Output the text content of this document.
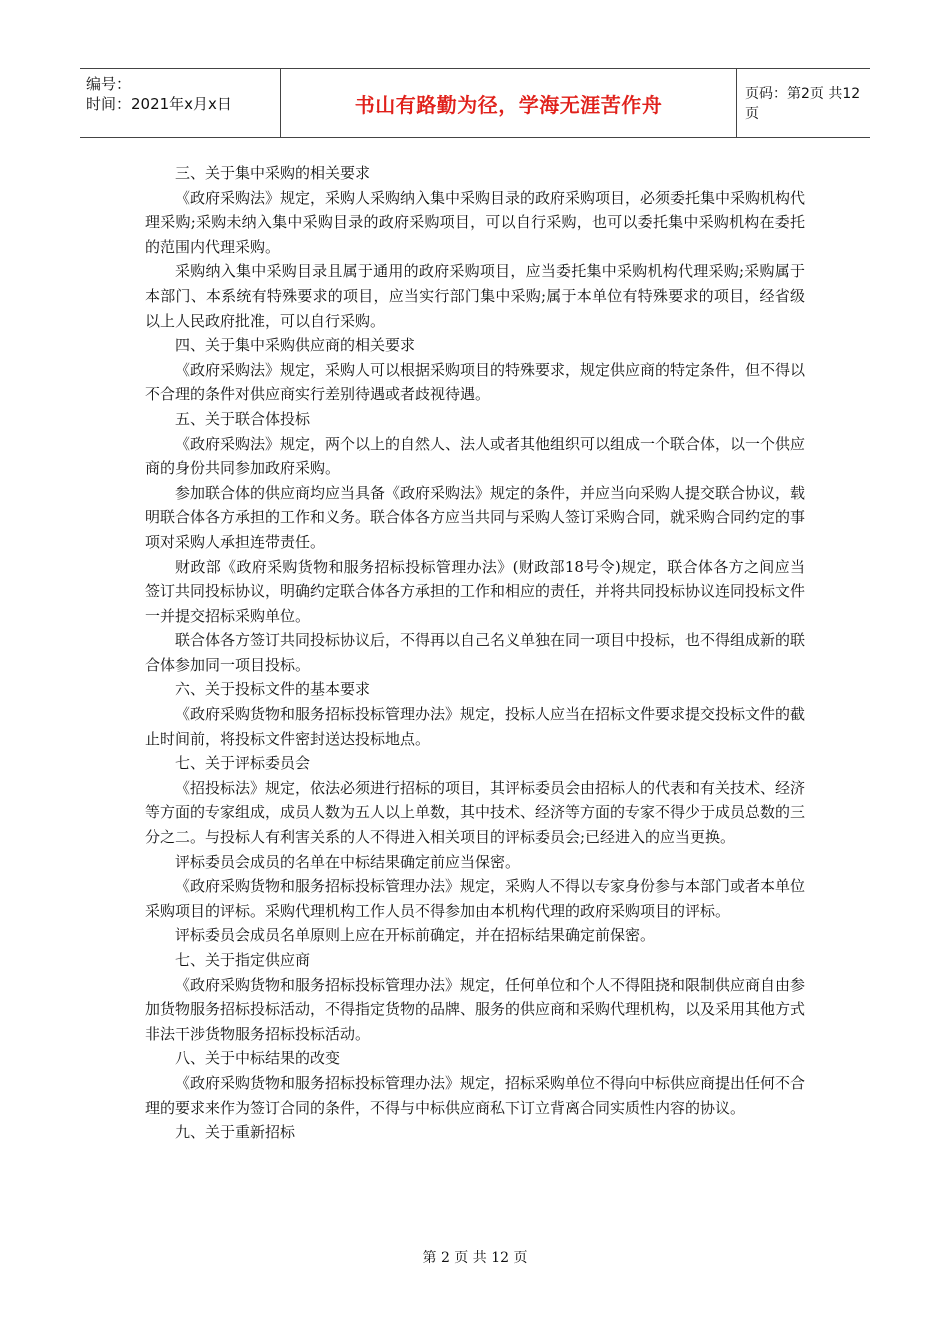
编号：
时间：2021年x月x日	书山有路勤为径，学海无涯苦作舟	页码：第2页 共12页
三、关于集中采购的相关要求
《政府采购法》规定，采购人采购纳入集中采购目录的政府采购项目，必须委托集中采购机构代理采购;采购未纳入集中采购目录的政府采购项目，可以自行采购，也可以委托集中采购机构在委托的范围内代理采购。
采购纳入集中采购目录且属于通用的政府采购项目，应当委托集中采购机构代理采购;采购属于本部门、本系统有特殊要求的项目，应当实行部门集中采购;属于本单位有特殊要求的项目，经省级以上人民政府批准，可以自行采购。
四、关于集中采购供应商的相关要求
《政府采购法》规定，采购人可以根据采购项目的特殊要求，规定供应商的特定条件，但不得以不合理的条件对供应商实行差别待遇或者歧视待遇。
五、关于联合体投标
《政府采购法》规定，两个以上的自然人、法人或者其他组织可以组成一个联合体，以一个供应商的身份共同参加政府采购。
参加联合体的供应商均应当具备《政府采购法》规定的条件，并应当向采购人提交联合协议，载明联合体各方承担的工作和义务。联合体各方应当共同与采购人签订采购合同，就采购合同约定的事项对采购人承担连带责任。
财政部《政府采购货物和服务招标投标管理办法》(财政部18号令)规定，联合体各方之间应当签订共同投标协议，明确约定联合体各方承担的工作和相应的责任，并将共同投标协议连同投标文件一并提交招标采购单位。
联合体各方签订共同投标协议后，不得再以自己名义单独在同一项目中投标，也不得组成新的联合体参加同一项目投标。
六、关于投标文件的基本要求
《政府采购货物和服务招标投标管理办法》规定，投标人应当在招标文件要求提交投标文件的截止时间前，将投标文件密封送达投标地点。
七、关于评标委员会
《招投标法》规定，依法必须进行招标的项目，其评标委员会由招标人的代表和有关技术、经济等方面的专家组成，成员人数为五人以上单数，其中技术、经济等方面的专家不得少于成员总数的三分之二。与投标人有利害关系的人不得进入相关项目的评标委员会;已经进入的应当更换。
评标委员会成员的名单在中标结果确定前应当保密。
《政府采购货物和服务招标投标管理办法》规定，采购人不得以专家身份参与本部门或者本单位采购项目的评标。采购代理机构工作人员不得参加由本机构代理的政府采购项目的评标。
评标委员会成员名单原则上应在开标前确定，并在招标结果确定前保密。
七、关于指定供应商
《政府采购货物和服务招标投标管理办法》规定，任何单位和个人不得阻挠和限制供应商自由参加货物服务招标投标活动，不得指定货物的品牌、服务的供应商和采购代理机构，以及采用其他方式非法干涉货物服务招标投标活动。
八、关于中标结果的改变
《政府采购货物和服务招标投标管理办法》规定，招标采购单位不得向中标供应商提出任何不合理的要求来作为签订合同的条件，不得与中标供应商私下订立背离合同实质性内容的协议。
九、关于重新招标
第 2 页 共 12 页
